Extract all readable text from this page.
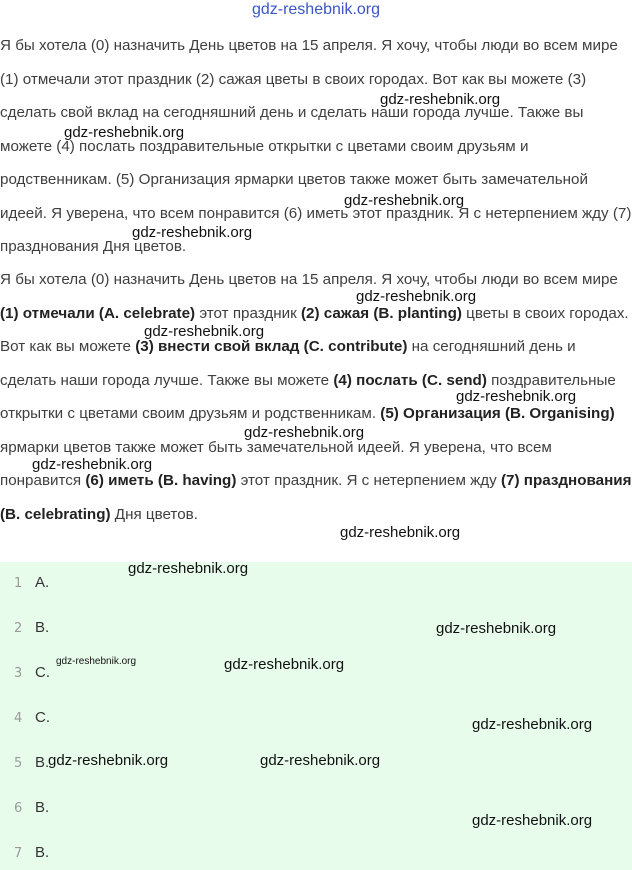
gdz-reshebnik.org

Я бы хотела (0) назначить День цветов на 15 апреля. Я хочу, чтобы люди во всем мире (1) отмечали этот праздник (2) сажая цветы в своих городах. Вот как вы можете (3) сделать свой вклад на сегодняшний день и сделать наши города лучше. Также вы можете (4) послать поздравительные открытки с цветами своим друзьям и родственникам. (5) Организация ярмарки цветов также может быть замечательной идеей. Я уверена, что всем понравится (6) иметь этот праздник. Я с нетерпением жду (7) празднования Дня цветов.

Я бы хотела (0) назначить День цветов на 15 апреля. Я хочу, чтобы люди во всем мире (1) отмечали (A. celebrate) этот праздник (2) сажая (B. planting) цветы в своих городах. Вот как вы можете (3) внести свой вклад (C. contribute) на сегодняшний день и сделать наши города лучше. Также вы можете (4) послать (C. send) поздравительные открытки с цветами своим друзьям и родственникам. (5) Организация (B. Organising) ярмарки цветов также может быть замечательной идеей. Я уверена, что всем понравится (6) иметь (B. having) этот праздник. Я с нетерпением жду (7) празднования (B. celebrating) Дня цветов.

1 A.
2 B.
3 C.
4 C.
5 B.
6 B.
7 B.
gdz-reshebnik.org
gdz-reshebnik.org
gdz-reshebnik.org
gdz-reshebnik.org
gdz-reshebnik.org
gdz-reshebnik.org
gdz-reshebnik.org
gdz-reshebnik.org
gdz-reshebnik.org
gdz-reshebnik.org
gdz-reshebnik.org
gdz-reshebnik.org
gdz-reshebnik.org	gdz-reshebnik.org
gdz-reshebnik.org
gdz-reshebnik.org	gdz-reshebnik.org
gdz-reshebnik.org
